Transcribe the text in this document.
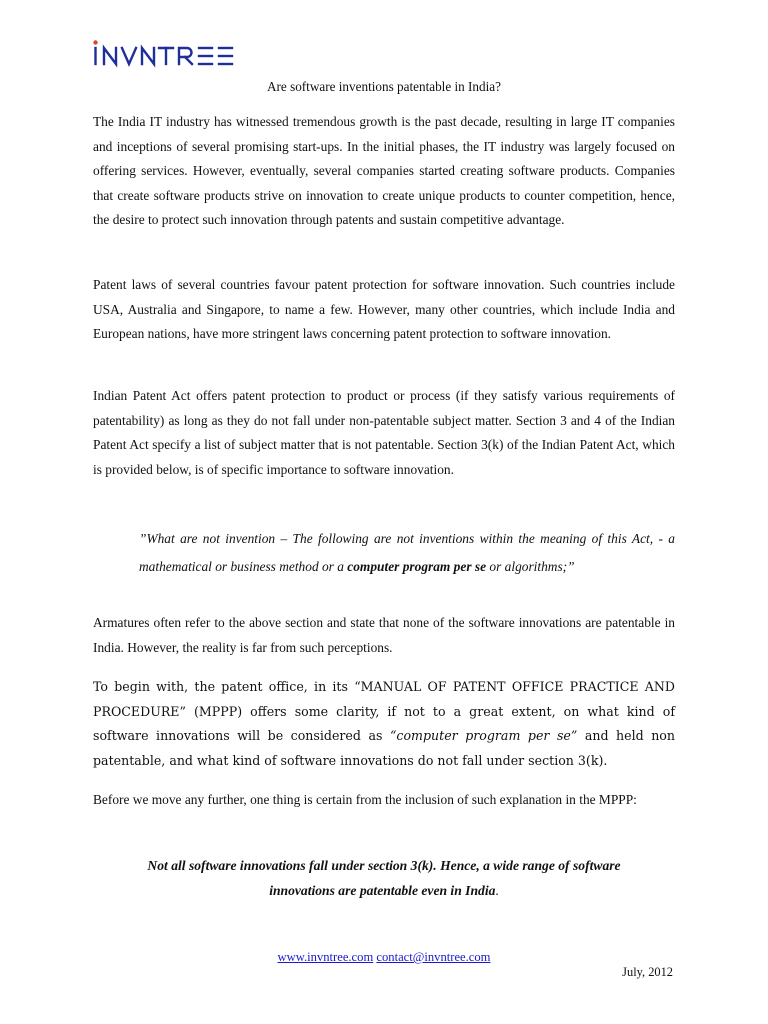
Are software inventions patentable in India?
The India IT industry has witnessed tremendous growth is the past decade, resulting in large IT companies and inceptions of several promising start-ups. In the initial phases, the IT industry was largely focused on offering services. However, eventually, several companies started creating software products. Companies that create software products strive on innovation to create unique products to counter competition, hence, the desire to protect such innovation through patents and sustain competitive advantage.
Patent laws of several countries favour patent protection for software innovation. Such countries include USA, Australia and Singapore, to name a few. However, many other countries, which include India and European nations, have more stringent laws concerning patent protection to software innovation.
Indian Patent Act offers patent protection to product or process (if they satisfy various requirements of patentability) as long as they do not fall under non-patentable subject matter. Section 3 and 4 of the Indian Patent Act specify a list of subject matter that is not patentable. Section 3(k) of the Indian Patent Act, which is provided below, is of specific importance to software innovation.
”What are not invention – The following are not inventions within the meaning of this Act, - a mathematical or business method or a computer program per se or algorithms;”
Armatures often refer to the above section and state that none of the software innovations are patentable in India. However, the reality is far from such perceptions.
To begin with, the patent office, in its “MANUAL OF PATENT OFFICE PRACTICE AND PROCEDURE” (MPPP) offers some clarity, if not to a great extent, on what kind of software innovations will be considered as “computer program per se” and held non patentable, and what kind of software innovations do not fall under section 3(k).
Before we move any further, one thing is certain from the inclusion of such explanation in the MPPP:
Not all software innovations fall under section 3(k). Hence, a wide range of software
innovations are patentable even in India.
www.invntree.com contact@invntree.com
July, 2012
